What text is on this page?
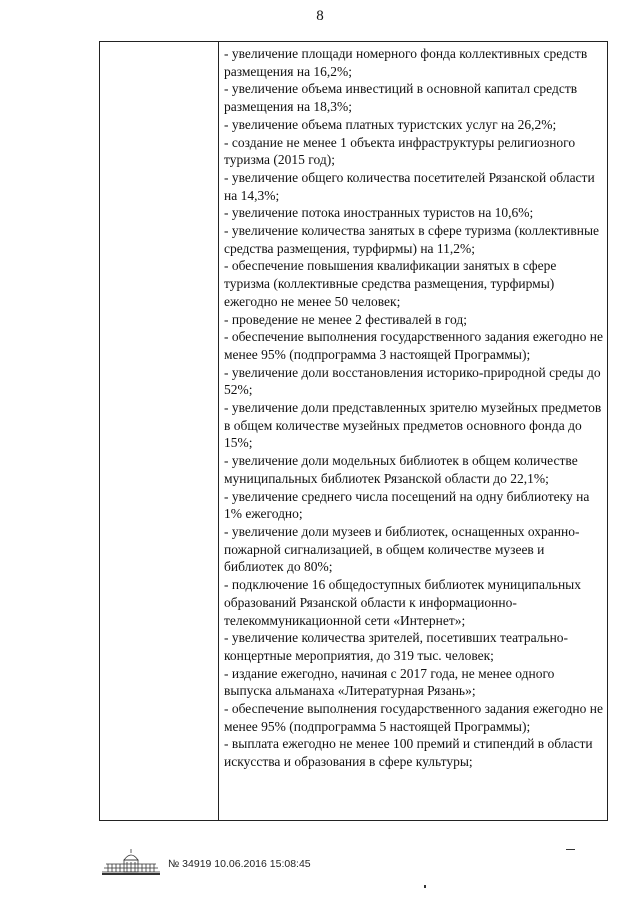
8

- увеличение площади номерного фонда коллективных средств размещения на 16,2%;

- увеличение объема инвестиций в основной капитал средств размещения на 18,3%;

- увеличение объема платных туристских услуг на 26,2%;

- создание не менее 1 объекта инфраструктуры религиозного туризма (2015 год);

- увеличение общего количества посетителей Рязанской области на 14,3%;

- увеличение потока иностранных туристов на 10,6%;

- увеличение количества занятых в сфере туризма (коллективные средства размещения, турфирмы) на 11,2%;

- обеспечение повышения квалификации занятых в сфере туризма (коллективные средства размещения, турфирмы) ежегодно не менее 50 человек;

- проведение не менее 2 фестивалей в год;

- обеспечение выполнения государственного задания ежегодно не менее 95% (подпрограмма 3 настоящей Программы);

- увеличение доли восстановления историко-природной среды до 52%;

- увеличение доли представленных зрителю музейных предметов в общем количестве музейных предметов основного фонда до 15%;

- увеличение доли модельных библиотек в общем количестве муниципальных библиотек Рязанской области до 22,1%;

- увеличение среднего числа посещений на одну библиотеку на 1% ежегодно;

- увеличение доли музеев и библиотек, оснащенных охранно-пожарной сигнализацией, в общем количестве музеев и библиотек до 80%;

- подключение 16 общедоступных библиотек муниципальных образований Рязанской области к информационно-телекоммуникационной сети «Интернет»;

- увеличение количества зрителей, посетивших театрально-концертные мероприятия, до 319 тыс. человек;

- издание ежегодно, начиная с 2017 года, не менее одного выпуска альманаха «Литературная Рязань»;

- обеспечение выполнения государственного задания ежегодно не менее 95% (подпрограмма 5 настоящей Программы);

- выплата ежегодно не менее 100 премий и стипендий в области искусства и образования в сфере культуры;

№ 34919 10.06.2016 15:08:45
